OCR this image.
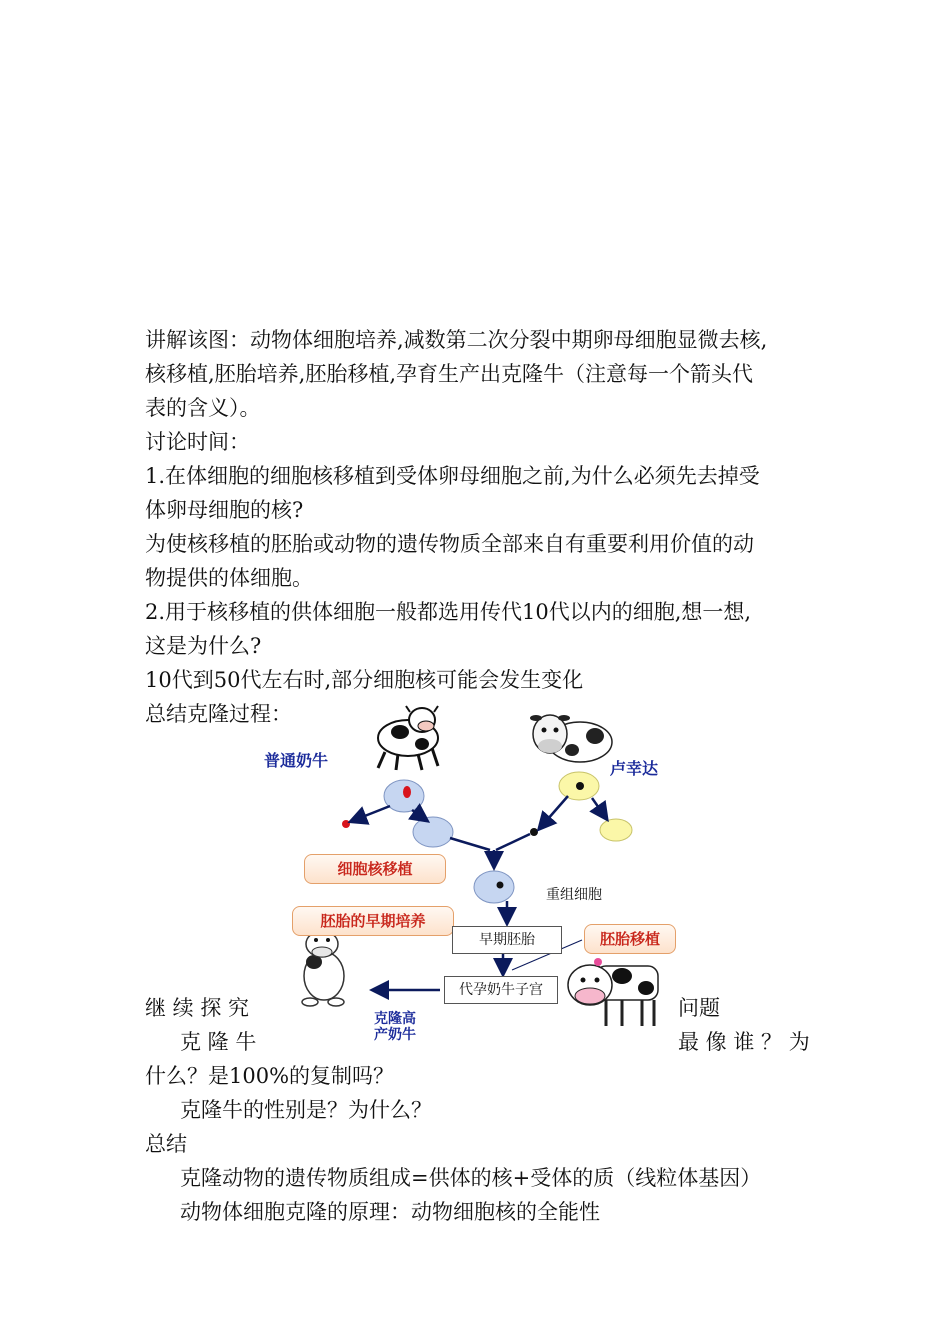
讲解该图：动物体细胞培养,减数第二次分裂中期卵母细胞显微去核,
核移植,胚胎培养,胚胎移植,孕育生产出克隆牛（注意每一个箭头代
表的含义）。
讨论时间：
1.在体细胞的细胞核移植到受体卵母细胞之前,为什么必须先去掉受
体卵母细胞的核?
为使核移植的胚胎或动物的遗传物质全部来自有重要利用价值的动
物提供的体细胞。
2.用于核移植的供体细胞一般都选用传代10代以内的细胞,想一想,
这是为什么?
10代到50代左右时,部分细胞核可能会发生变化
总结克隆过程：
普通奶牛	卢幸达
细胞核移植
胚胎的早期培养
胚胎移植
重组细胞
早期胚胎
代孕奶牛子宫
克隆高
产奶牛
继 续 探 究	问题
克 隆 牛	最 像 谁 ？ 为
什么？是100%的复制吗？
克隆牛的性别是？为什么？
总结
克隆动物的遗传物质组成=供体的核+受体的质（线粒体基因）
动物体细胞克隆的原理：动物细胞核的全能性
